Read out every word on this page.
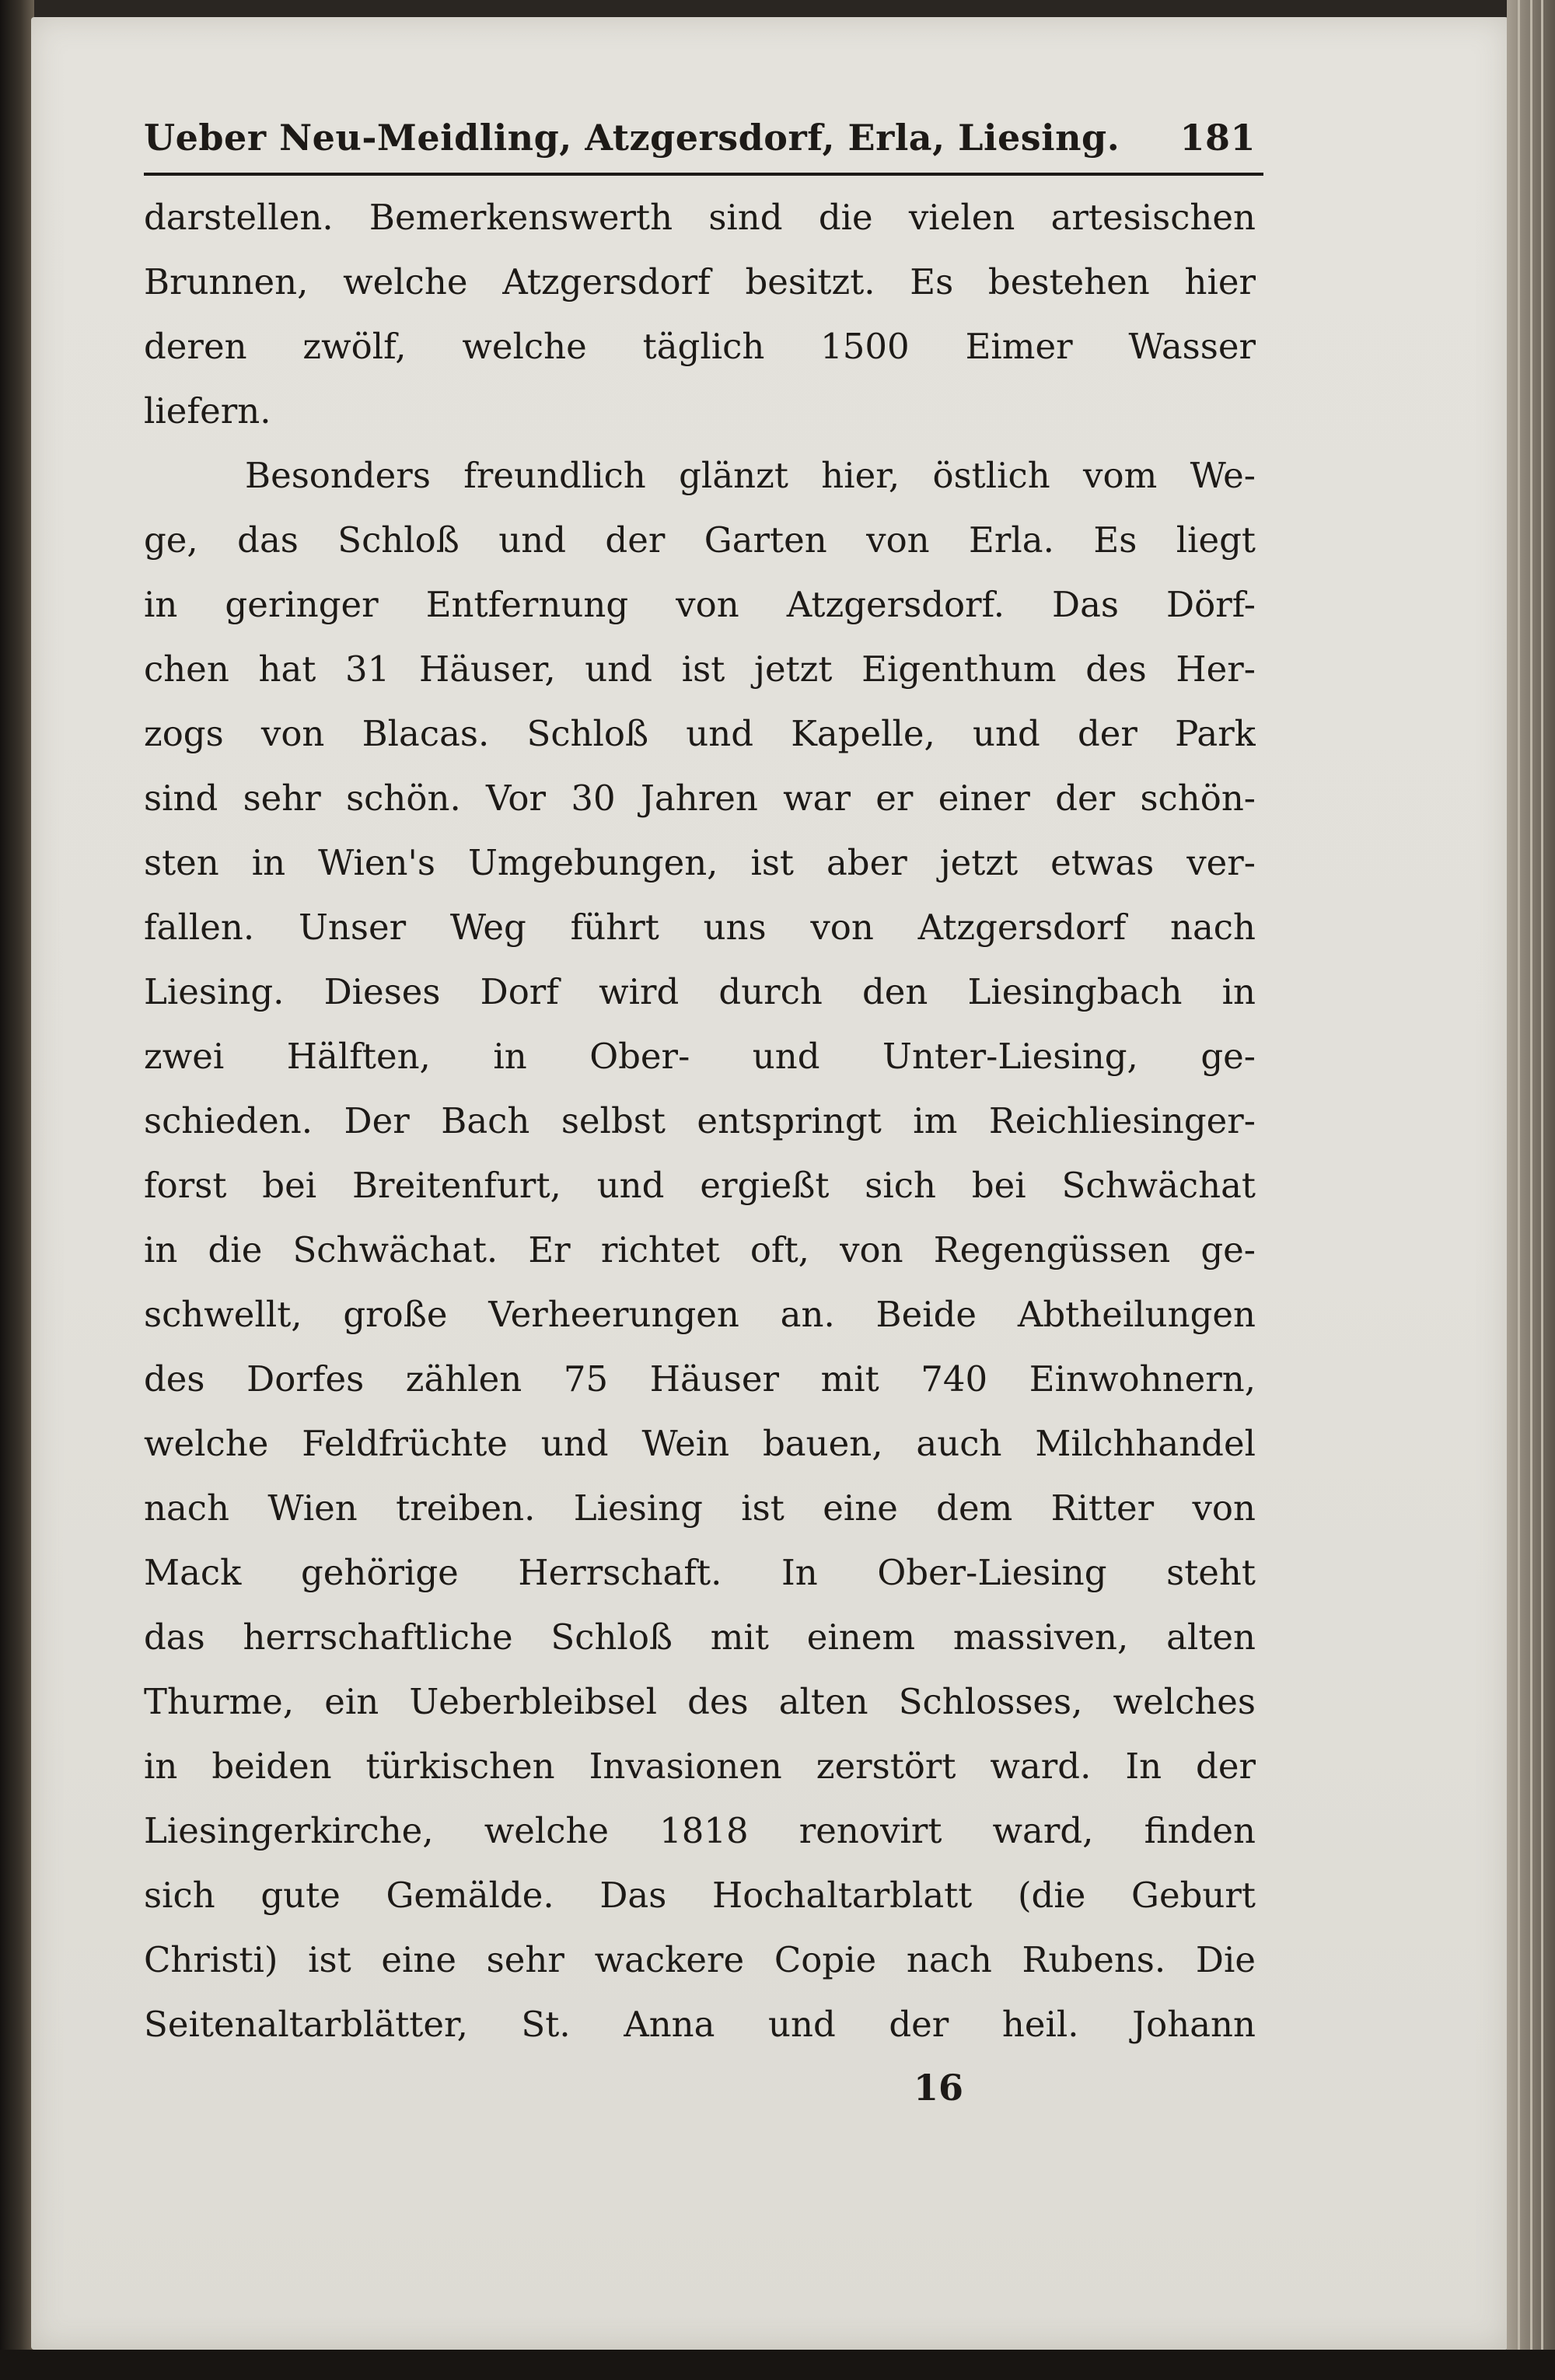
Ueber Neu-Meidling, Atzgersdorf, Erla, Liesing. 181
darstellen. Bemerkenswerth sind die vielen artesischen
Brunnen, welche Atzgersdorf besitzt. Es bestehen hier
deren zwölf, welche täglich 1500 Eimer Wasser
liefern.
Besonders freundlich glänzt hier, östlich vom We-
ge, das Schloß und der Garten von Erla. Es liegt
in geringer Entfernung von Atzgersdorf. Das Dörf-
chen hat 31 Häuser, und ist jetzt Eigenthum des Her-
zogs von Blacas. Schloß und Kapelle, und der Park
sind sehr schön. Vor 30 Jahren war er einer der schön-
sten in Wien's Umgebungen, ist aber jetzt etwas ver-
fallen. Unser Weg führt uns von Atzgersdorf nach
Liesing. Dieses Dorf wird durch den Liesingbach in
zwei Hälften, in Ober- und Unter-Liesing, ge-
schieden. Der Bach selbst entspringt im Reichliesinger-
forst bei Breitenfurt, und ergießt sich bei Schwächat
in die Schwächat. Er richtet oft, von Regengüssen ge-
schwellt, große Verheerungen an. Beide Abtheilungen
des Dorfes zählen 75 Häuser mit 740 Einwohnern,
welche Feldfrüchte und Wein bauen, auch Milchhandel
nach Wien treiben. Liesing ist eine dem Ritter von
Mack gehörige Herrschaft. In Ober-Liesing steht
das herrschaftliche Schloß mit einem massiven, alten
Thurme, ein Ueberbleibsel des alten Schlosses, welches
in beiden türkischen Invasionen zerstört ward. In der
Liesingerkirche, welche 1818 renovirt ward, finden
sich gute Gemälde. Das Hochaltarblatt (die Geburt
Christi) ist eine sehr wackere Copie nach Rubens. Die
Seitenaltarblätter, St. Anna und der heil. Johann
16
